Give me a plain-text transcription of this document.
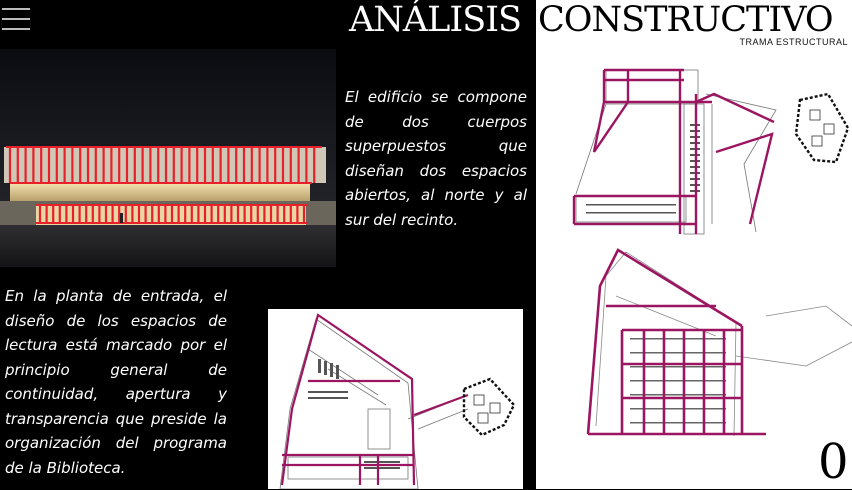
ANÁLISIS CONSTRUCTIVO
TRAMA ESTRUCTURAL
El edificio se compone de dos cuerpos superpuestos que diseñan dos espacios abiertos, al norte y al sur del recinto.
En la planta de entrada, el diseño de los espacios de lectura está marcado por el principio general de continuidad, apertura y transparencia que preside la organización del programa de la Biblioteca.	0
